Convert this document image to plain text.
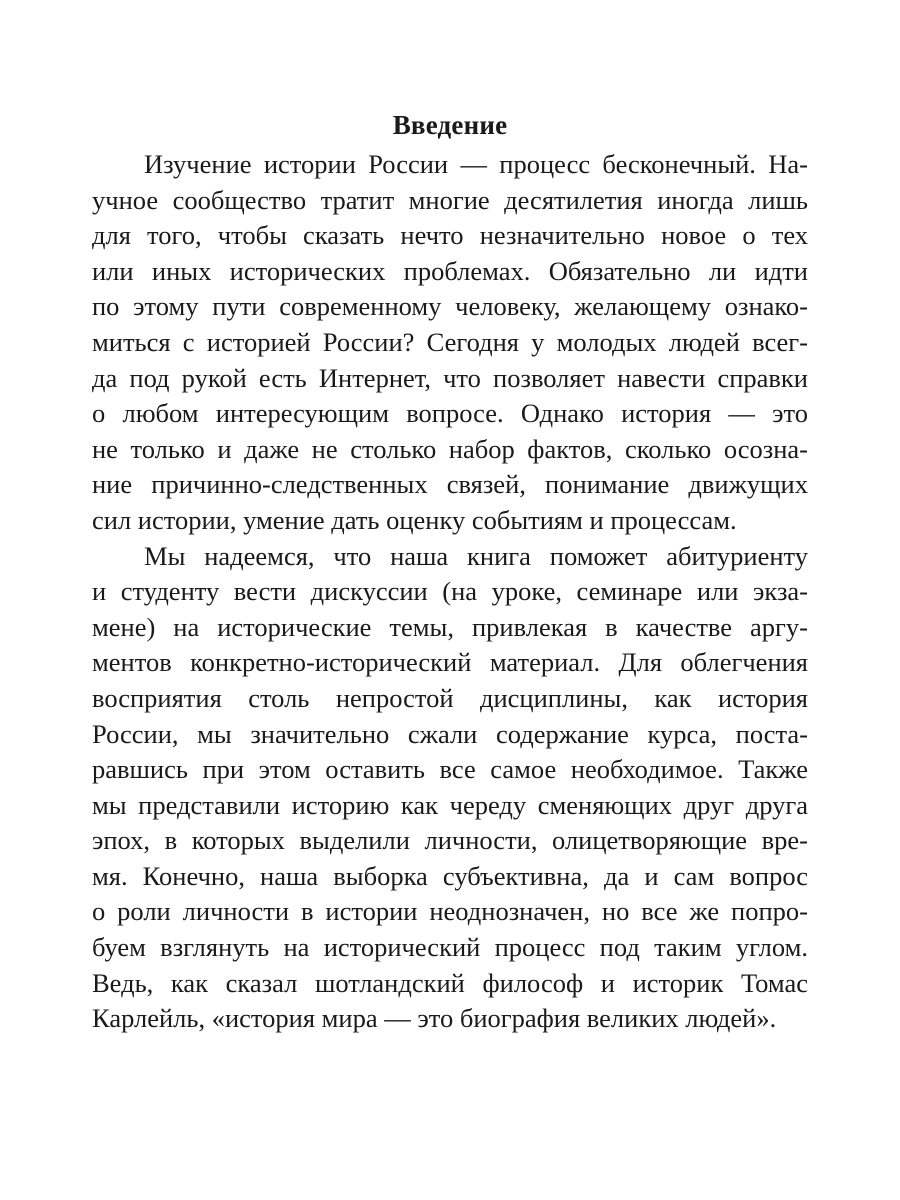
Введение
Изучение истории России — процесс бесконечный. На-
учное сообщество тратит многие десятилетия иногда лишь
для того, чтобы сказать нечто незначительно новое о тех
или иных исторических проблемах. Обязательно ли идти
по этому пути современному человеку, желающему ознако-
миться с историей России? Сегодня у молодых людей всег-
да под рукой есть Интернет, что позволяет навести справки
о любом интересующим вопросе. Однако история — это
не только и даже не столько набор фактов, сколько осозна-
ние причинно-следственных связей, понимание движущих
сил истории, умение дать оценку событиям и процессам.
Мы надеемся, что наша книга поможет абитуриенту
и студенту вести дискуссии (на уроке, семинаре или экза-
мене) на исторические темы, привлекая в качестве аргу-
ментов конкретно-исторический материал. Для облегчения
восприятия столь непростой дисциплины, как история
России, мы значительно сжали содержание курса, поста-
равшись при этом оставить все самое необходимое. Также
мы представили историю как череду сменяющих друг друга
эпох, в которых выделили личности, олицетворяющие вре-
мя. Конечно, наша выборка субъективна, да и сам вопрос
о роли личности в истории неоднозначен, но все же попро-
буем взглянуть на исторический процесс под таким углом.
Ведь, как сказал шотландский философ и историк Томас
Карлейль, «история мира — это биография великих людей».
